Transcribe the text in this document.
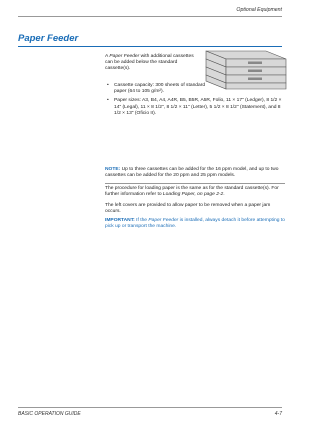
Optional Equipment
Paper Feeder
A Paper Feeder with additional cassettes can be added below the standard cassette(s).
• Cassette capacity: 300 sheets of standard paper (64 to 105 g/m²).
• Paper sizes: A3, B4, A4, A4R, B5, B5R, A5R, Folio, 11 × 17" (Ledger), 8 1/2 × 14" (Legal), 11 × 8 1/2", 8 1/2 × 11" (Letter), 5 1/2 × 8 1/2" (Statement), and 8 1/2 × 13" (Oficio II).
NOTE: Up to three cassettes can be added for the 16 ppm model, and up to two cassettes can be added for the 20 ppm and 25 ppm models.
The procedure for loading paper is the same as for the standard cassette(s). For further information refer to Loading Paper, on page 2-2.
The left covers are provided to allow paper to be removed when a paper jam occurs.
IMPORTANT: If the Paper Feeder is installed, always detach it before attempting to pick up or transport the machine.
BASIC OPERATION GUIDE	4-7
